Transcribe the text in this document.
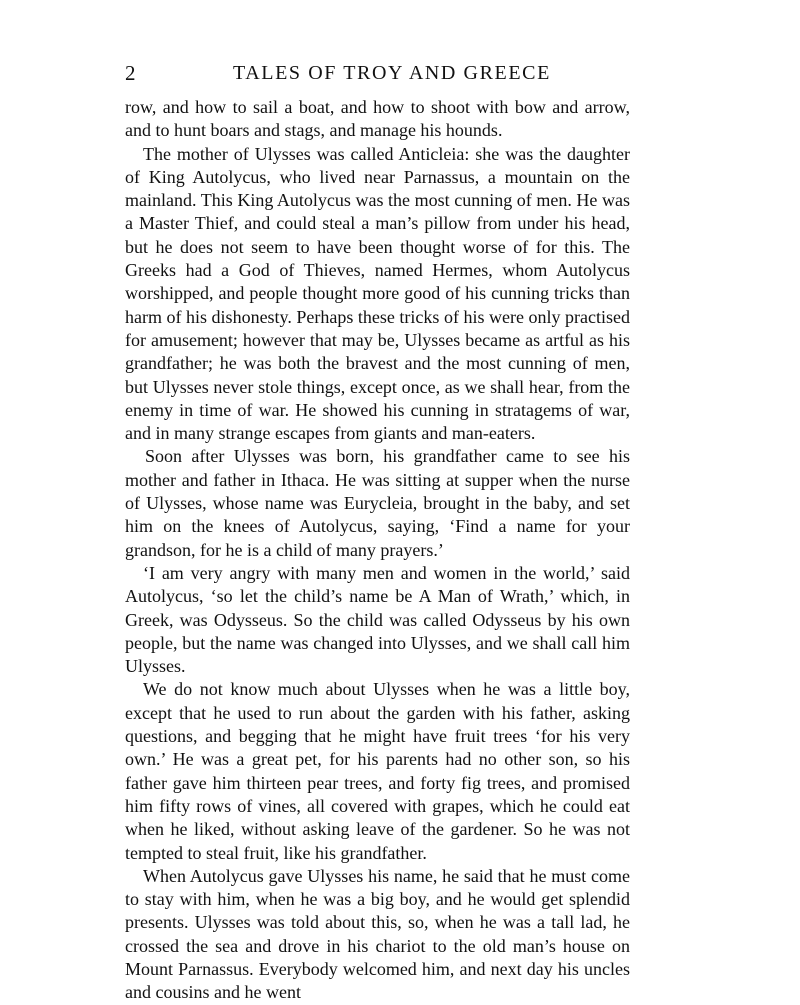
2	TALES OF TROY AND GREECE

row, and how to sail a boat, and how to shoot with bow and arrow, and to hunt boars and stags, and manage his hounds.

The mother of Ulysses was called Anticleia: she was the daughter of King Autolycus, who lived near Parnassus, a mountain on the mainland. This King Autolycus was the most cunning of men. He was a Master Thief, and could steal a man’s pillow from under his head, but he does not seem to have been thought worse of for this. The Greeks had a God of Thieves, named Hermes, whom Autolycus worshipped, and people thought more good of his cunning tricks than harm of his dishonesty. Perhaps these tricks of his were only practised for amusement; however that may be, Ulysses became as artful as his grandfather; he was both the bravest and the most cunning of men, but Ulysses never stole things, except once, as we shall hear, from the enemy in time of war. He showed his cunning in stratagems of war, and in many strange escapes from giants and man-eaters.

Soon after Ulysses was born, his grandfather came to see his mother and father in Ithaca. He was sitting at supper when the nurse of Ulysses, whose name was Eurycleia, brought in the baby, and set him on the knees of Autolycus, saying, ‘Find a name for your grandson, for he is a child of many prayers.’

‘I am very angry with many men and women in the world,’ said Autolycus, ‘so let the child’s name be A Man of Wrath,’ which, in Greek, was Odysseus. So the child was called Odysseus by his own people, but the name was changed into Ulysses, and we shall call him Ulysses.

We do not know much about Ulysses when he was a little boy, except that he used to run about the garden with his father, asking questions, and begging that he might have fruit trees ‘for his very own.’ He was a great pet, for his parents had no other son, so his father gave him thirteen pear trees, and forty fig trees, and promised him fifty rows of vines, all covered with grapes, which he could eat when he liked, without asking leave of the gardener. So he was not tempted to steal fruit, like his grandfather.

When Autolycus gave Ulysses his name, he said that he must come to stay with him, when he was a big boy, and he would get splendid presents. Ulysses was told about this, so, when he was a tall lad, he crossed the sea and drove in his chariot to the old man’s house on Mount Parnassus. Everybody welcomed him, and next day his uncles and cousins and he went
